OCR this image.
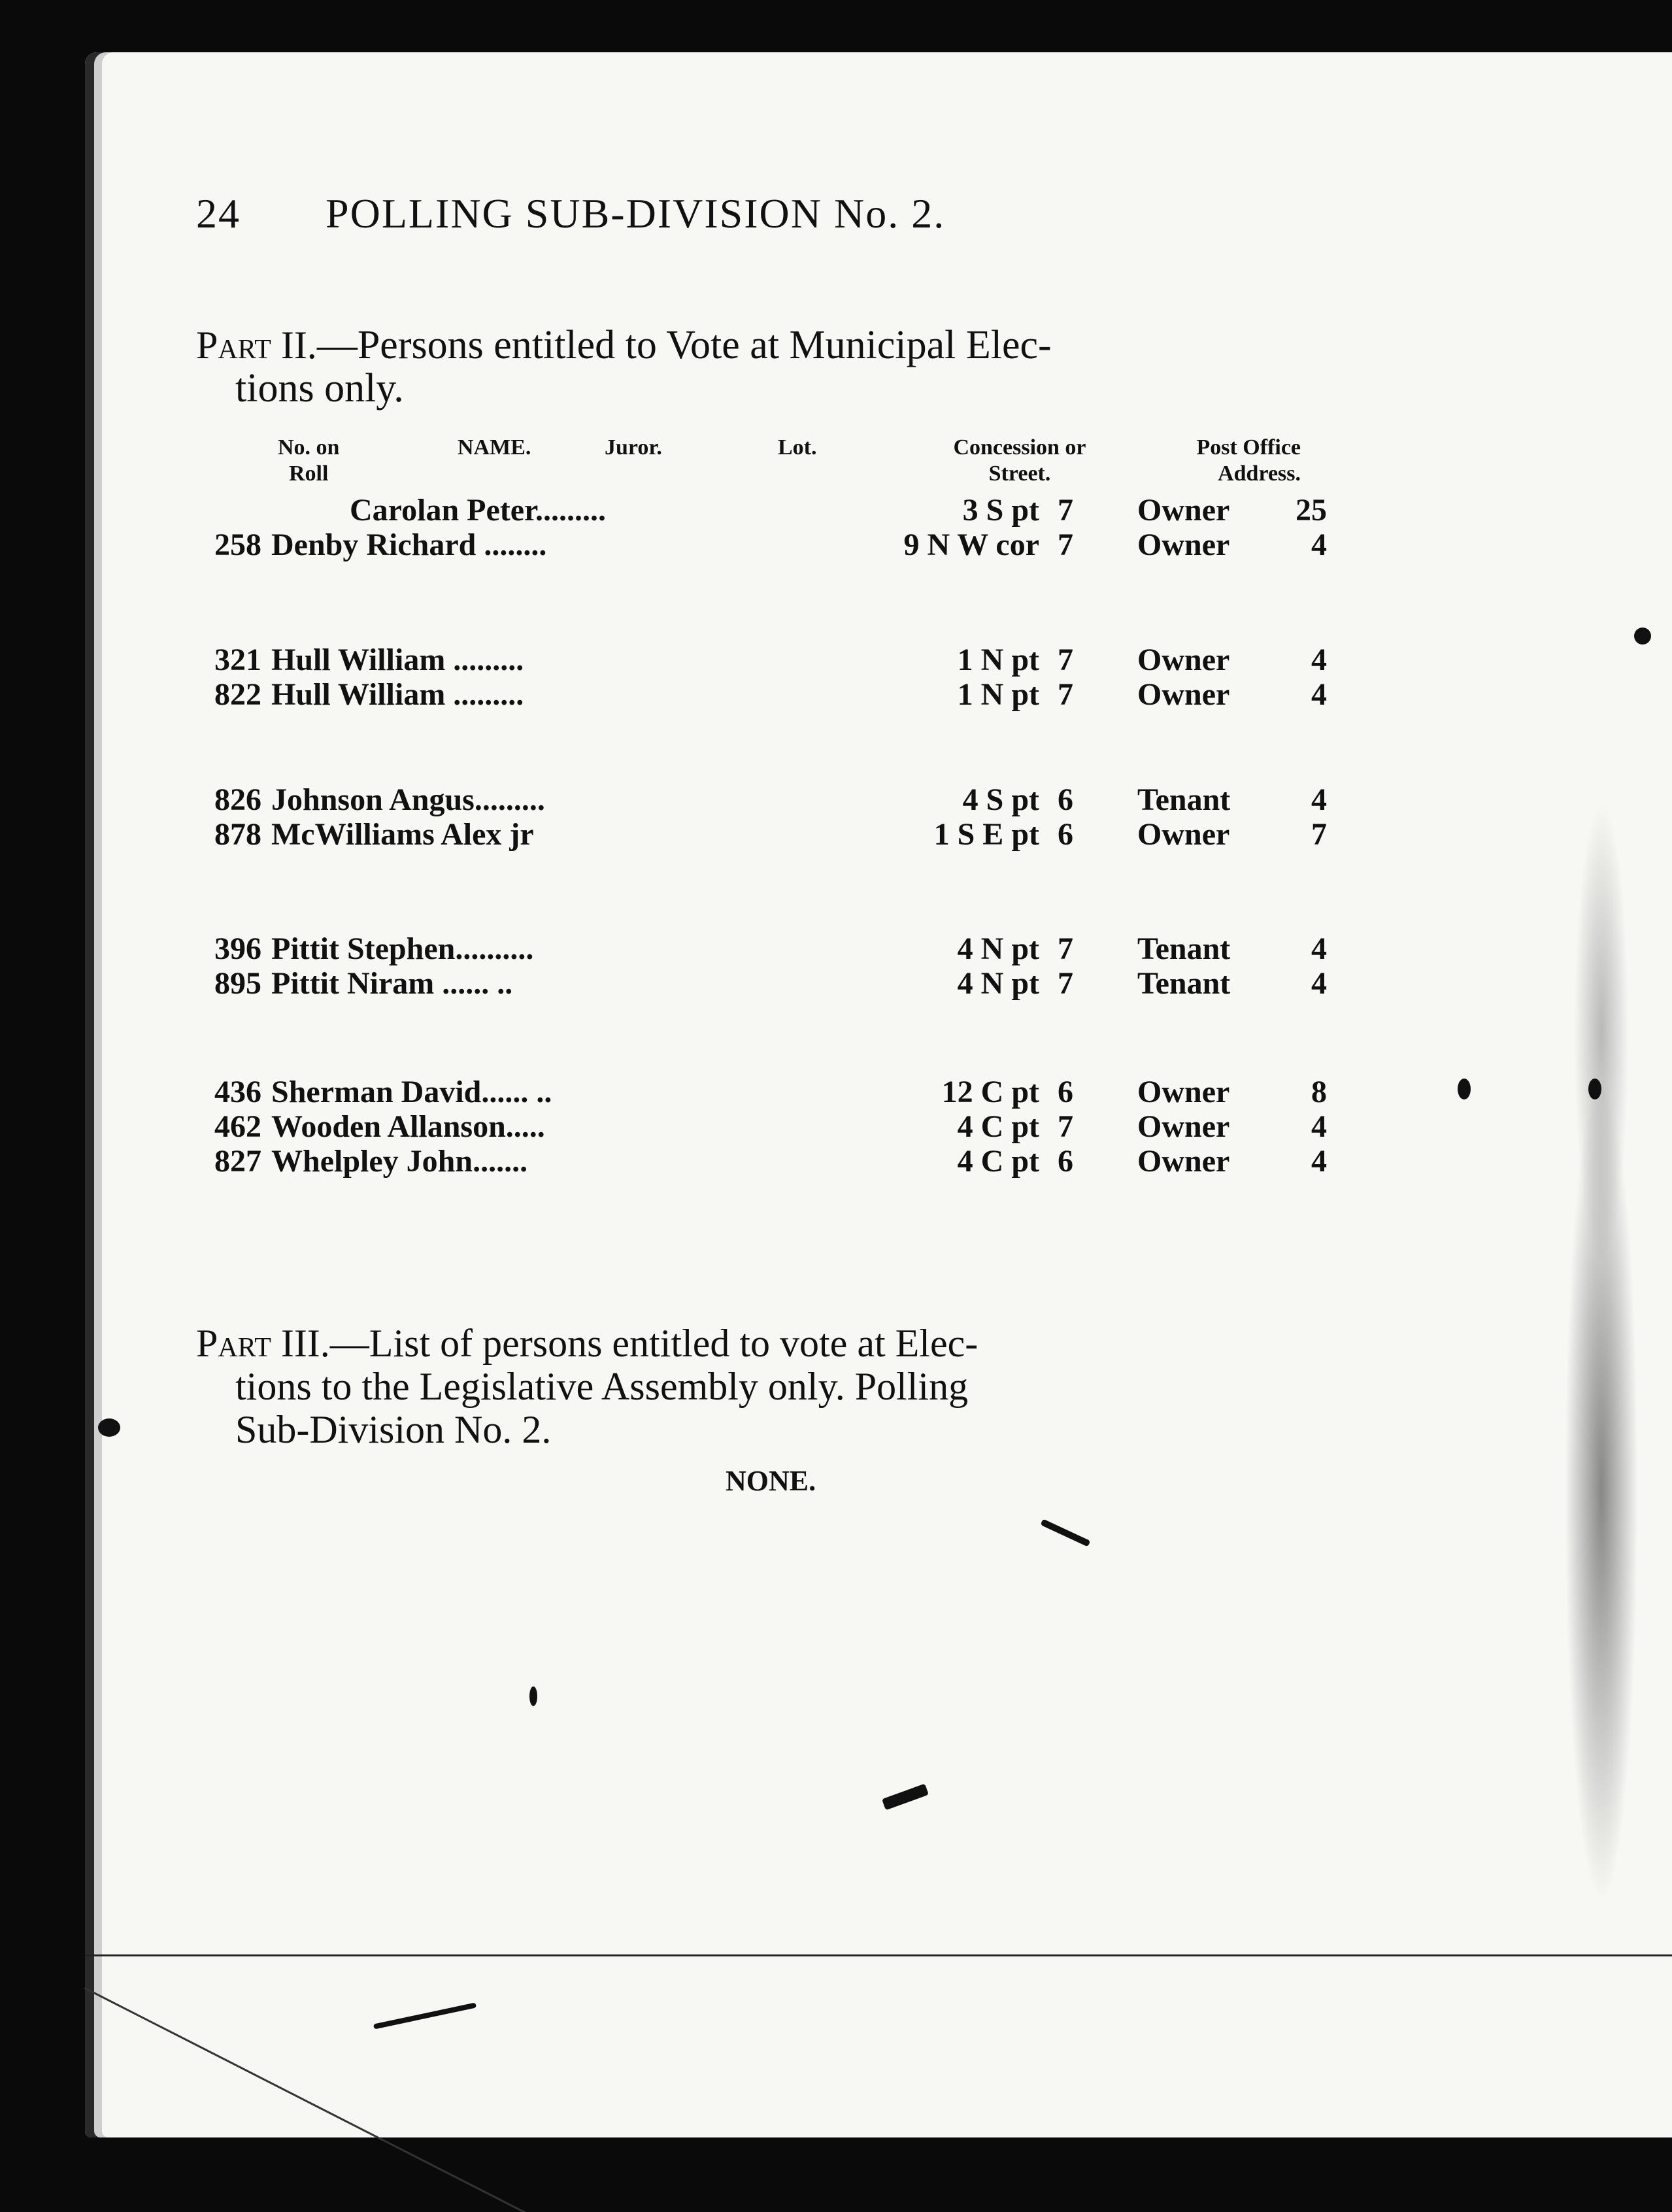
24 POLLING SUB-DIVISION No. 2.
Part II.—Persons entitled to Vote at Municipal Elec-
tions only.
No. on
Roll
NAME.	Juror.	Lot.	Concession or
Street.
Post Office
Address.
Carolan Peter.........	3 S pt 7	Owner	25
258 Denby Richard ........	9 N W cor 7	Owner	4
321 Hull William .........	1 N pt 7	Owner	4
822 Hull William .........	1 N pt 7	Owner	4
826 Johnson Angus.........	4 S pt 6	Tenant	4
878 McWilliams Alex jr	1 S E pt 6	Owner	7
396 Pittit Stephen..........	4 N pt 7	Tenant	4
895 Pittit Niram ...... ..	4 N pt 7	Tenant	4
436 Sherman David...... ..	12 C pt 6	Owner	8
462 Wooden Allanson.....	4 C pt 7	Owner	4
827 Whelpley John.......	4 C pt 6	Owner	4
Part III.—List of persons entitled to vote at Elec-
tions to the Legislative Assembly only. Polling
Sub-Division No. 2.
NONE.
